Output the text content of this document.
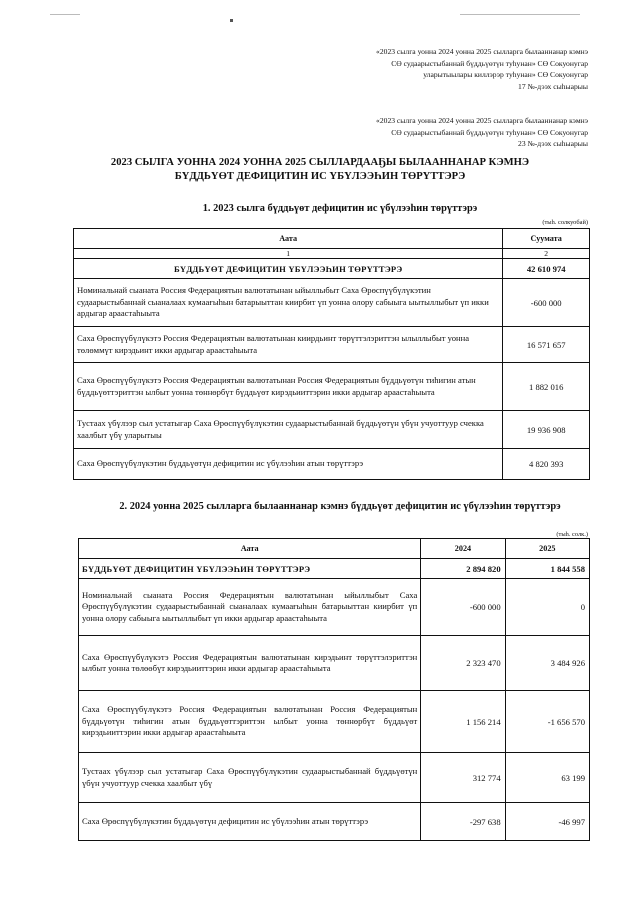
«2023 сылга уонна 2024 уонна 2025 сылларга былааннанар кэмнэ
СӨ судаарыстыбаннай бүддьүөтүн туһунан» СӨ Сокуонугар
уларытыылары киллэрэр туһунан» СӨ Сокуонугар
17 №-дээх сыһыарыы
«2023 сылга уонна 2024 уонна 2025 сылларга былааннанар кэмнэ
СӨ судаарыстыбаннай бүддьүөтүн туһунан» СӨ Сокуонугар
23 №-дээх сыһыарыы
2023 СЫЛГА УОННА 2024 УОННА 2025 СЫЛЛАРДААҔЫ БЫЛААННАНАР КЭМНЭ
БҮДДЬҮӨТ ДЕФИЦИТИН ИС ҮБҮЛЭЭҺИН ТӨРҮТТЭРЭ
1. 2023 сылга бүддьүөт дефицитин ис үбүлээһин төрүттэрэ
(тыһ. солкуобай)
Аата	Суумата
1	2
БҮДДЬҮӨТ ДЕФИЦИТИН ҮБҮЛЭЭҺИН ТӨРҮТТЭРЭ	42 610 974
Номинальнай сыаната Россия Федерациятын валютатынан ыйыллыбыт Саха Өрөспүүбүлүкэтин судаарыстыбаннай сыаналаах кумаағыһын батарыыттан киирбит үп уонна олору сабыыга ыытыллыбыт үп икки ардыгар араастаһыыта	-600 000
Саха Өрөспүүбүлүкэтэ Россия Федерациятын валютатынан киирдьинт төрүттэлэриттэн ылыллыбыт уонна төлөммүт кирэдьинт икки ардыгар араастаһыыта	16 571 657
Саха Өрөспүүбүлүкэтэ Россия Федерациятын валютатынан Россия Федерациятын бүддьүөтүн тиһигин атын бүддьүөттэриттэн ылбыт уонна төннөрбүт бүддьүөт кирэдьииттэрин икки ардыгар араастаһыыта	1 882 016
Тустаах үбүлээр сыл устатыгар Саха Өрөспүүбүлүкэтин судаарыстыбаннай бүддьүөтүн үбүн учуоттуур счекка хаалбыт үбү уларытыы	19 936 908
Саха Өрөспүүбүлүкэтин бүддьүөтүн дефицитин ис үбүлээһин атын төрүттэрэ	4 820 393
2. 2024 уонна 2025 сылларга былааннанар кэмнэ бүддьүөт дефицитин ис үбүлээһин төрүттэрэ
(тыһ. солк.)
Аата	2024	2025
БҮДДЬҮӨТ ДЕФИЦИТИН ҮБҮЛЭЭҺИН ТӨРҮТТЭРЭ	2 894 820	1 844 558
Номинальнай сыаната Россия Федерациятын валютатынан ыйыллыбыт Саха Өрөспүүбүлүкэтин судаарыстыбаннай сыаналаах кумаағыһын батарыыттан киирбит үп уонна олору сабыыга ыытыллыбыт үп икки ардыгар араастаһыыта	-600 000	0
Саха Өрөспүүбүлүкэтэ Россия Федерациятын валютатынан кирэдьинт төрүттэлэриттэн ылбыт уонна төлөөбүт кирэдьииттэрин икки ардыгар араастаһыыта	2 323 470	3 484 926
Саха Өрөспүүбүлүкэтэ Россия Федерациятын валютатынан Россия Федерациятын бүддьүөтүн тиһигин атын бүддьүөттэриттэн ылбыт уонна төннөрбүт бүддьүөт кирэдьииттэрин икки ардыгар араастаһыыта	1 156 214	-1 656 570
Тустаах үбүлээр сыл устатыгар Саха Өрөспүүбүлүкэтин судаарыстыбаннай бүддьүөтүн үбүн учуоттуур счекка хаалбыт үбү	312 774	63 199
Саха Өрөспүүбүлүкэтин бүддьүөтүн дефицитин ис үбүлээһин атын төрүттэрэ	-297 638	-46 997
